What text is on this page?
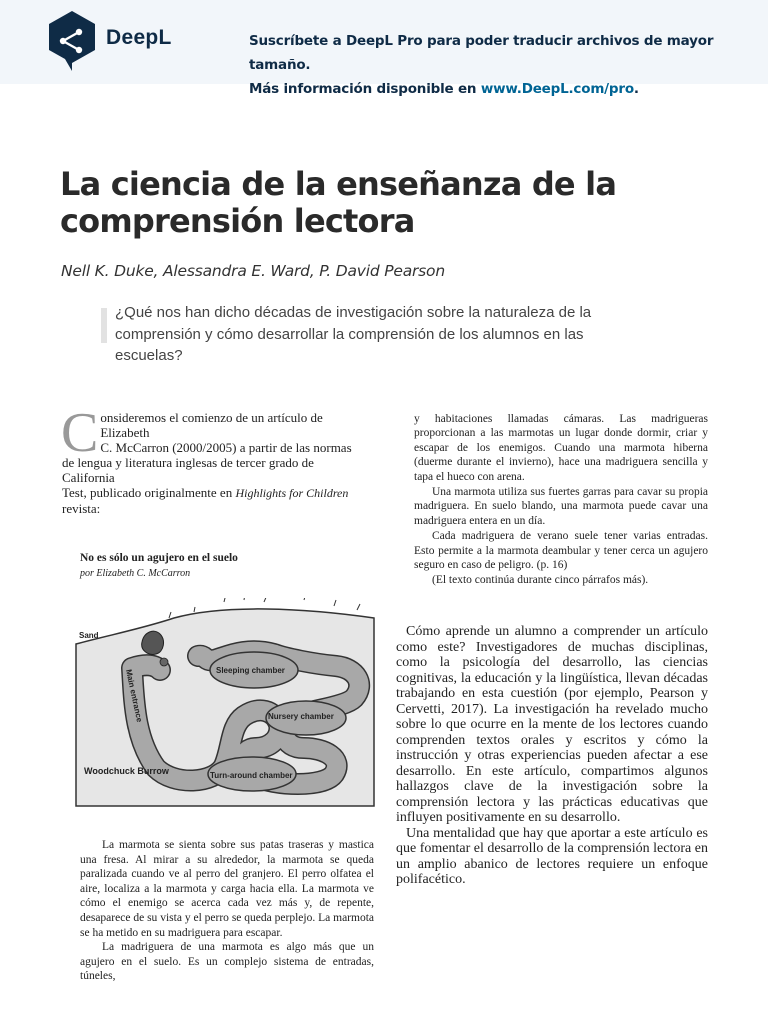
DeepL	Suscríbete a DeepL Pro para poder traducir archivos de mayor tamaño.
Más información disponible en www.DeepL.com/pro.
La ciencia de la enseñanza de la comprensión lectora
Nell K. Duke, Alessandra E. Ward, P. David Pearson
¿Qué nos han dicho décadas de investigación sobre la naturaleza de la comprensión y cómo desarrollar la comprensión de los alumnos en las escuelas?
C onsideremos el comienzo de un artículo de
Elizabeth
C. McCarron (2000/2005) a partir de las normas de lengua y literatura inglesas de tercer grado de California
Test, publicado originalmente en Highlights for Children
revista:
No es sólo un agujero en el suelo
por Elizabeth C. McCarron
Sand
Main entrance	Sleeping chamber
Nursery chamber
Woodchuck Burrow	Turn-around chamber

La marmota se sienta sobre sus patas traseras y mastica una fresa. Al mirar a su alrededor, la marmota se queda paralizada cuando ve al perro del granjero. El perro olfatea el aire, localiza a la marmota y carga hacia ella. La marmota ve cómo el enemigo se acerca cada vez más y, de repente, desaparece de su vista y el perro se queda perplejo. La marmota se ha metido en su madriguera para escapar.

La madriguera de una marmota es algo más que un agujero en el suelo. Es un complejo sistema de entradas, túneles,

y habitaciones llamadas cámaras. Las madrigueras proporcionan a las marmotas un lugar donde dormir, criar y escapar de los enemigos. Cuando una marmota hiberna (duerme durante el invierno), hace una madriguera sencilla y tapa el hueco con arena.

Una marmota utiliza sus fuertes garras para cavar su propia madriguera. En suelo blando, una marmota puede cavar una madriguera entera en un día.

Cada madriguera de verano suele tener varias entradas. Esto permite a la marmota deambular y tener cerca un agujero seguro en caso de peligro. (p. 16)

(El texto continúa durante cinco párrafos más).

Cómo aprende un alumno a comprender un artículo como este? Investigadores de muchas disciplinas, como la psicología del desarrollo, las ciencias cognitivas, la educación y la lingüística, llevan décadas trabajando en esta cuestión (por ejemplo, Pearson y Cervetti, 2017). La investigación ha revelado mucho sobre lo que ocurre en la mente de los lectores cuando comprenden textos orales y escritos y cómo la instrucción y otras experiencias pueden afectar a ese desarrollo. En este artículo, compartimos algunos hallazgos clave de la investigación sobre la comprensión lectora y las prácticas educativas que influyen positivamente en su desarrollo.

Una mentalidad que hay que aportar a este artículo es que fomentar el desarrollo de la comprensión lectora en un amplio abanico de lectores requiere un enfoque polifacético.
